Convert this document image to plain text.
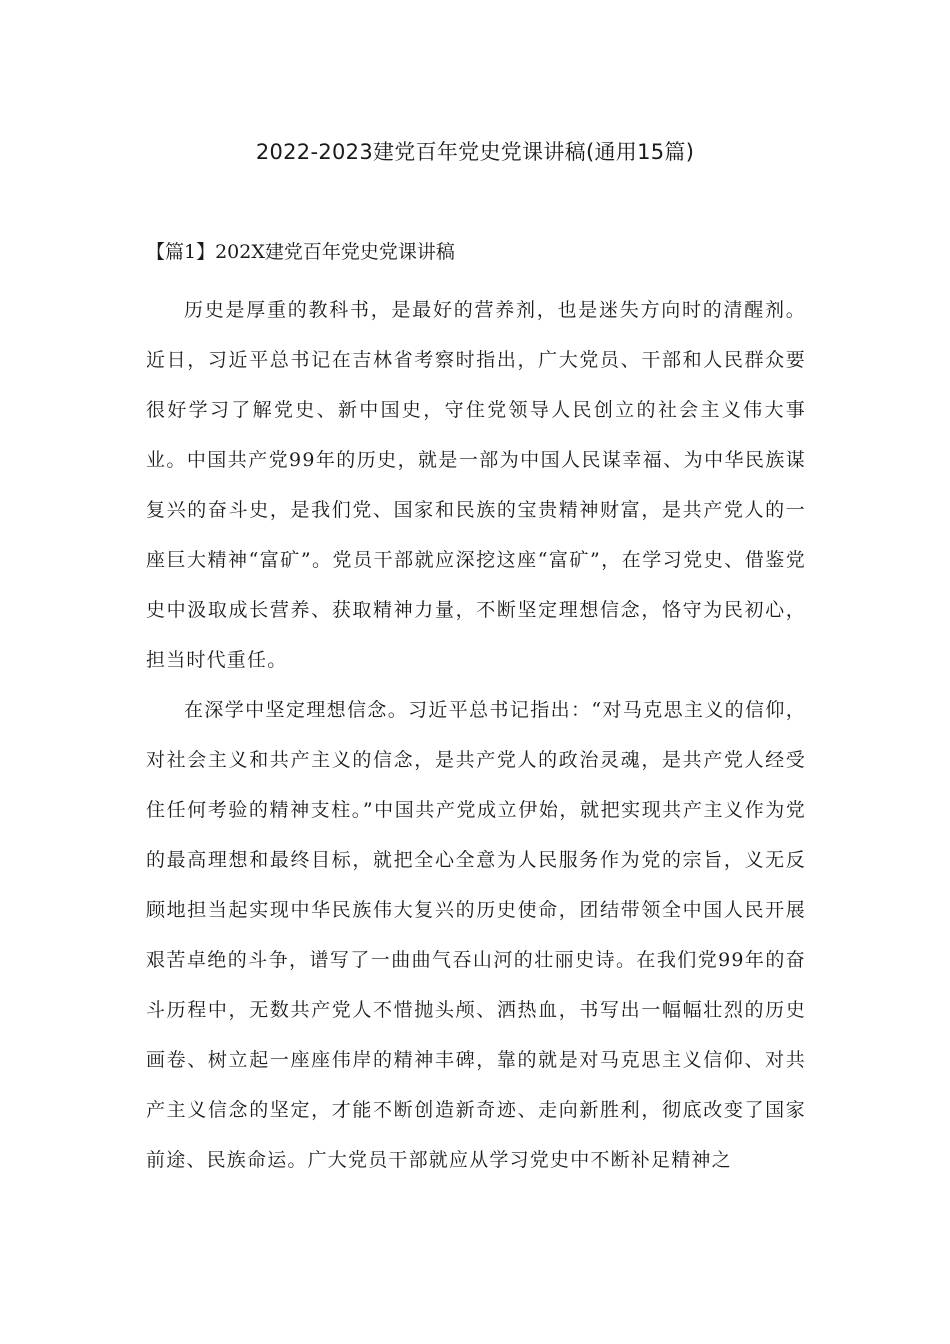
2022-2023建党百年党史党课讲稿(通用15篇)
【篇1】202X建党百年党史党课讲稿

历史是厚重的教科书，是最好的营养剂，也是迷失方向时的清醒剂。近日，习近平总书记在吉林省考察时指出，广大党员、干部和人民群众要很好学习了解党史、新中国史，守住党领导人民创立的社会主义伟大事业。中国共产党99年的历史，就是一部为中国人民谋幸福、为中华民族谋复兴的奋斗史，是我们党、国家和民族的宝贵精神财富，是共产党人的一座巨大精神“富矿”。党员干部就应深挖这座“富矿”，在学习党史、借鉴党史中汲取成长营养、获取精神力量，不断坚定理想信念，恪守为民初心，担当时代重任。

在深学中坚定理想信念。习近平总书记指出：“对马克思主义的信仰，对社会主义和共产主义的信念，是共产党人的政治灵魂，是共产党人经受住任何考验的精神支柱。”中国共产党成立伊始，就把实现共产主义作为党的最高理想和最终目标，就把全心全意为人民服务作为党的宗旨，义无反顾地担当起实现中华民族伟大复兴的历史使命，团结带领全中国人民开展艰苦卓绝的斗争，谱写了一曲曲气吞山河的壮丽史诗。在我们党99年的奋斗历程中，无数共产党人不惜抛头颅、洒热血，书写出一幅幅壮烈的历史画卷、树立起一座座伟岸的精神丰碑，靠的就是对马克思主义信仰、对共产主义信念的坚定，才能不断创造新奇迹、走向新胜利，彻底改变了国家前途、民族命运。广大党员干部就应从学习党史中不断补足精神之
